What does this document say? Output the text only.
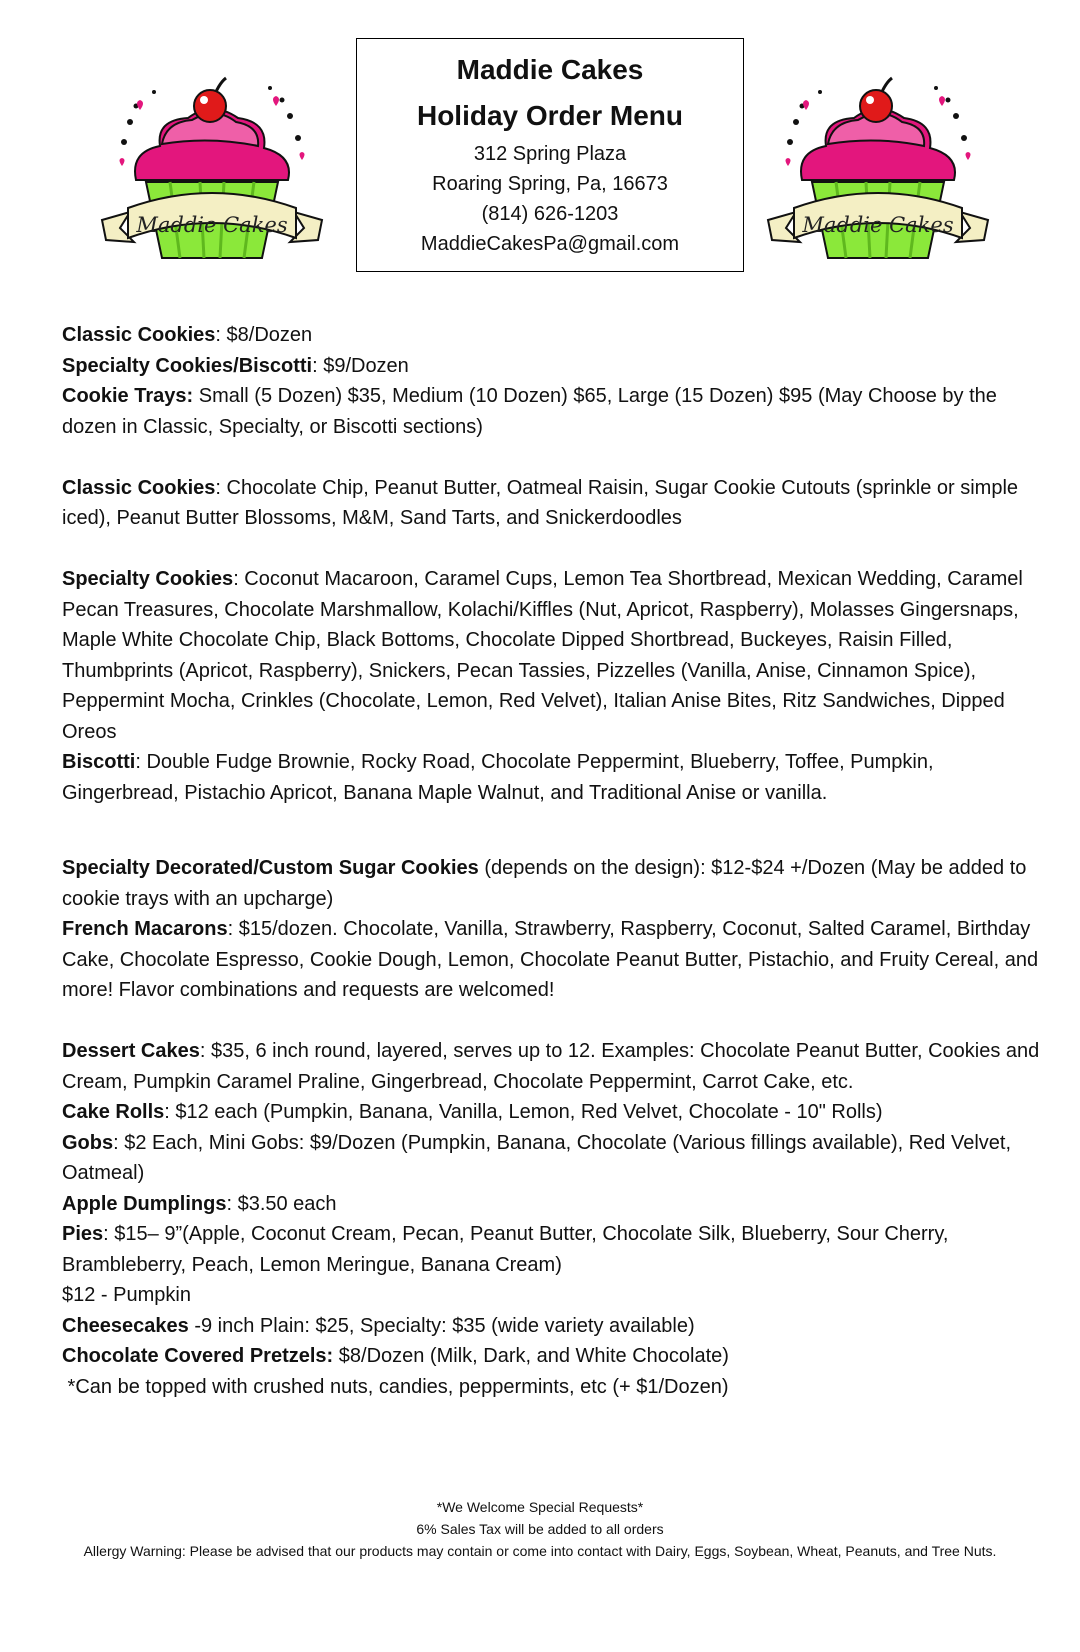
Maddie Cakes
Maddie Cakes
Holiday Order Menu
312 Spring Plaza
Roaring Spring, Pa, 16673
(814) 626-1203
MaddieCakesPa@gmail.com
Maddie Cakes

Classic Cookies: $8/Dozen

Specialty Cookies/Biscotti: $9/Dozen

Cookie Trays: Small (5 Dozen) $35, Medium (10 Dozen) $65, Large (15 Dozen) $95 (May Choose by the dozen in Classic, Specialty, or Biscotti sections)

Classic Cookies: Chocolate Chip, Peanut Butter, Oatmeal Raisin, Sugar Cookie Cutouts (sprinkle or simple iced), Peanut Butter Blossoms, M&M, Sand Tarts, and Snickerdoodles

Specialty Cookies: Coconut Macaroon, Caramel Cups, Lemon Tea Shortbread, Mexican Wedding, Caramel Pecan Treasures, Chocolate Marshmallow, Kolachi/Kiffles (Nut, Apricot, Raspberry), Molasses Gingersnaps, Maple White Chocolate Chip, Black Bottoms, Chocolate Dipped Shortbread, Buckeyes, Raisin Filled, Thumbprints (Apricot, Raspberry), Snickers, Pecan Tassies, Pizzelles (Vanilla, Anise, Cinnamon Spice), Peppermint Mocha, Crinkles (Chocolate, Lemon, Red Velvet), Italian Anise Bites, Ritz Sandwiches, Dipped Oreos

Biscotti: Double Fudge Brownie, Rocky Road, Chocolate Peppermint, Blueberry, Toffee, Pumpkin, Gingerbread, Pistachio Apricot, Banana Maple Walnut, and Traditional Anise or vanilla.

Specialty Decorated/Custom Sugar Cookies (depends on the design): $12-$24 +/Dozen (May be added to cookie trays with an upcharge)

French Macarons: $15/dozen. Chocolate, Vanilla, Strawberry, Raspberry, Coconut, Salted Caramel, Birthday Cake, Chocolate Espresso, Cookie Dough, Lemon, Chocolate Peanut Butter, Pistachio, and Fruity Cereal, and more! Flavor combinations and requests are welcomed!

Dessert Cakes: $35, 6 inch round, layered, serves up to 12. Examples: Chocolate Peanut Butter, Cookies and Cream, Pumpkin Caramel Praline, Gingerbread, Chocolate Peppermint, Carrot Cake, etc.

Cake Rolls: $12 each (Pumpkin, Banana, Vanilla, Lemon, Red Velvet, Chocolate - 10" Rolls)

Gobs: $2 Each, Mini Gobs: $9/Dozen (Pumpkin, Banana, Chocolate (Various fillings available), Red Velvet, Oatmeal)

Apple Dumplings: $3.50 each

Pies: $15– 9”(Apple, Coconut Cream, Pecan, Peanut Butter, Chocolate Silk, Blueberry, Sour Cherry, Brambleberry, Peach, Lemon Meringue, Banana Cream)

$12 - Pumpkin

Cheesecakes -9 inch Plain: $25, Specialty: $35 (wide variety available)

Chocolate Covered Pretzels: $8/Dozen (Milk, Dark, and White Chocolate)

*Can be topped with crushed nuts, candies, peppermints, etc (+ $1/Dozen)

*We Welcome Special Requests*

6% Sales Tax will be added to all orders

Allergy Warning: Please be advised that our products may contain or come into contact with Dairy, Eggs, Soybean, Wheat, Peanuts, and Tree Nuts.
